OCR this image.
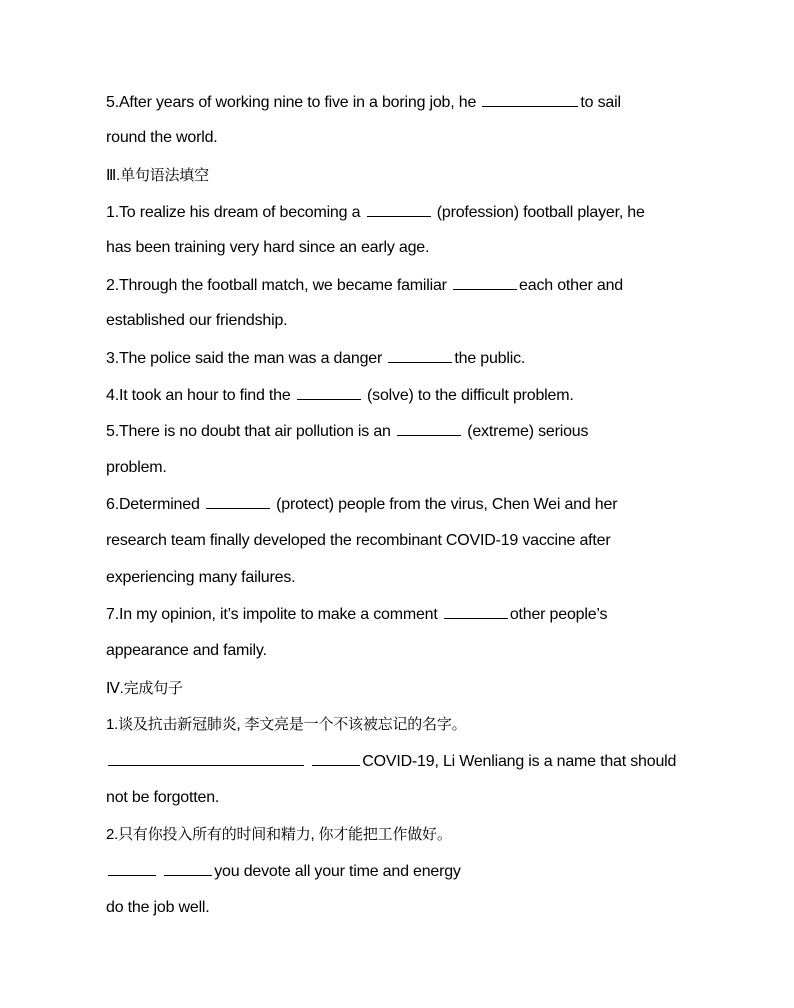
5.After years of working nine to five in a boring job, he	to sail
round the world.
Ⅲ.单句语法填空
1.To realize his dream of becoming a	(profession) football player, he
has been training very hard since an early age.
2.Through the football match, we became familiar	each other and
established our friendship.
3.The police said the man was a danger	the public.
4.It took an hour to find the	(solve) to the difficult problem.
5.There is no doubt that air pollution is an	(extreme) serious
problem.
6.Determined	(protect) people from the virus, Chen Wei and her
research team finally developed the recombinant COVID-19 vaccine after
experiencing many failures.
7.In my opinion, it’s impolite to make a comment	other people’s
appearance and family.
Ⅳ.完成句子
1.谈及抗击新冠肺炎, 李文亮是一个不该被忘记的名字。
COVID-19, Li Wenliang is a name that should
not be forgotten.
2.只有你投入所有的时间和精力, 你才能把工作做好。
you devote all your time and energy
do the job well.
